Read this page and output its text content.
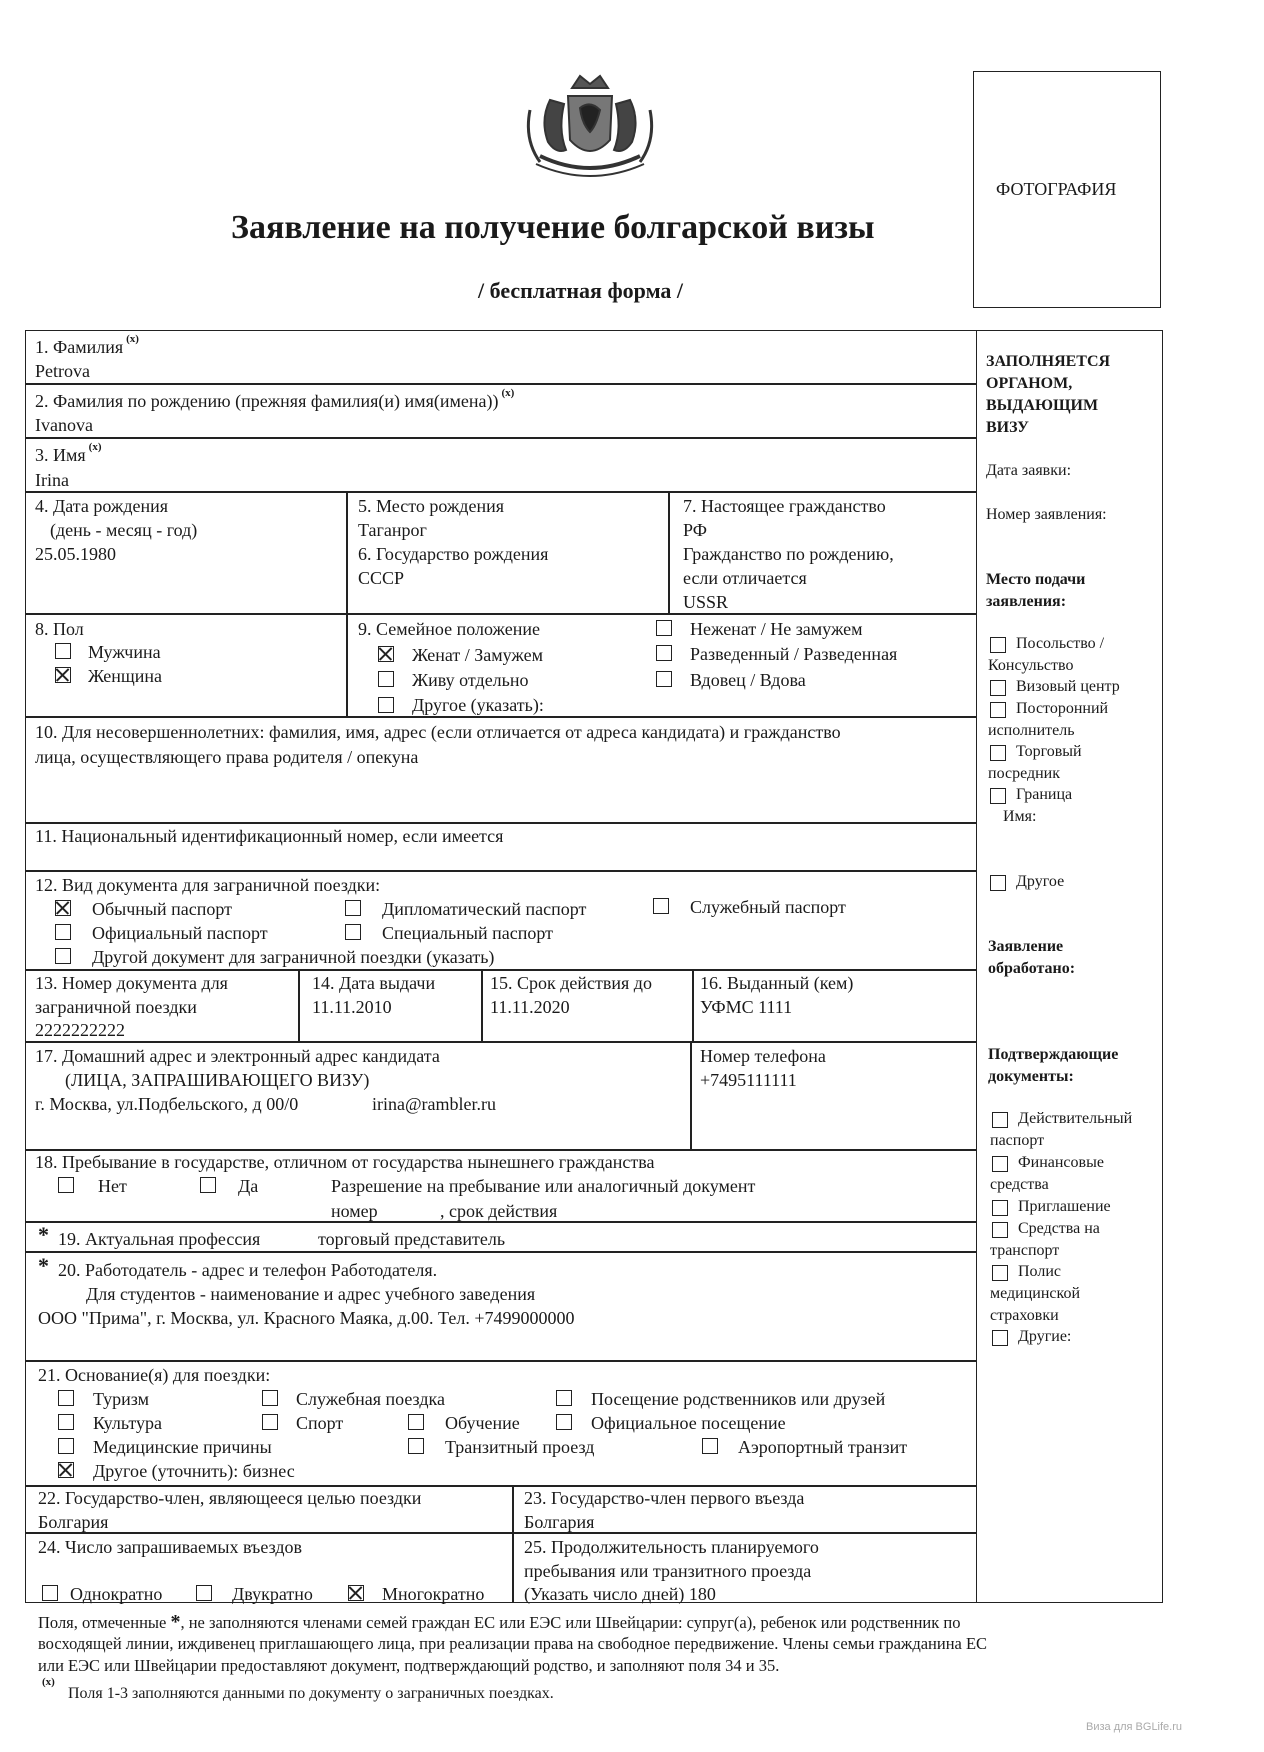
Заявление на получение болгарской визы
/ бесплатная форма /
ФОТОГРАФИЯ
1. Фамилия $^{(x)}$
Petrova
2. Фамилия по рождению (прежняя фамилия(и) имя(имена)) $^{(x)}$
Ivanova
3. Имя $^{(x)}$
Irina
4. Дата рождения
(день - месяц - год)
25.05.1980
5. Место рождения
Таганрог
6. Государство рождения
СССР
7. Настоящее гражданство
РФ
Гражданство по рождению,
если отличается
USSR
8. Пол
Мужчина
Женщина
9. Семейное положение
Женат / Замужем
Живу отдельно
Другое (указать):
Неженат / Не замужем
Разведенный / Разведенная
Вдовец / Вдова
10. Для несовершеннолетних: фамилия, имя, адрес (если отличается от адреса кандидата) и гражданство
лица, осуществляющего права родителя / опекуна
11. Национальный идентификационный номер, если имеется
12. Вид документа для заграничной поездки:
Обычный паспорт	Дипломатический паспорт	Служебный паспорт
Официальный паспорт	Специальный паспорт
Другой документ для заграничной поездки (указать)
13. Номер документа для
заграничной поездки
2222222222
14. Дата выдачи
11.11.2010
15. Срок действия до
11.11.2020
16. Выданный (кем)
УФМС 1111
17. Домашний адрес и электронный адрес кандидата
(ЛИЦА, ЗАПРАШИВАЮЩЕГО ВИЗУ)
г. Москва, ул.Подбельского, д 00/0	irina@rambler.ru
Номер телефона
+7495111111
18. Пребывание в государстве, отличном от государства нынешнего гражданства
Нет	Да	Разрешение на пребывание или аналогичный документ
номер	, срок действия
* 19. Актуальная профессия	торговый представитель
* 20. Работодатель - адрес и телефон Работодателя.
Для студентов - наименование и адрес учебного заведения
ООО "Прима", г. Москва, ул. Красного Маяка, д.00. Тел. +7499000000
21. Основание(я) для поездки:
Туризм	Служебная поездка	Посещение родственников или друзей
Культура	Спорт	Обучение	Официальное посещение
Медицинские причины	Транзитный проезд	Аэропортный транзит
Другое (уточнить): бизнес
22. Государство-член, являющееся целью поездки
Болгария
23. Государство-член первого въезда
Болгария
24. Число запрашиваемых въездов
Однократно	Двукратно	Многократно
25. Продолжительность планируемого
пребывания или транзитного проезда
(Указать число дней) 180
ЗАПОЛНЯЕТСЯ
ОРГАНОМ,
ВЫДАЮЩИМ
ВИЗУ
Дата заявки:
Номер заявления:
Место подачи
заявления:
Посольство /
Консульство
Визовый центр
Посторонний
исполнитель
Торговый
посредник
Граница
Имя:
Другое
Заявление
обработано:
Подтверждающие
документы:
Действительный
паспорт
Финансовые
средства
Приглашение
Средства на
транспорт
Полис
медицинской
страховки
Другие:
Поля, отмеченные *, не заполняются членами семей граждан ЕС или ЕЭС или Швейцарии: супруг(а), ребенок или родственник по
восходящей линии, иждивенец приглашающего лица, при реализации права на свободное передвижение. Члены семьи гражданина ЕС
или ЕЭС или Швейцарии предоставляют документ, подтверждающий родство, и заполняют поля 34 и 35.
$^{(x)}$
Поля 1-3 заполняются данными по документу о заграничных поездках.
Виза для BGLife.ru
